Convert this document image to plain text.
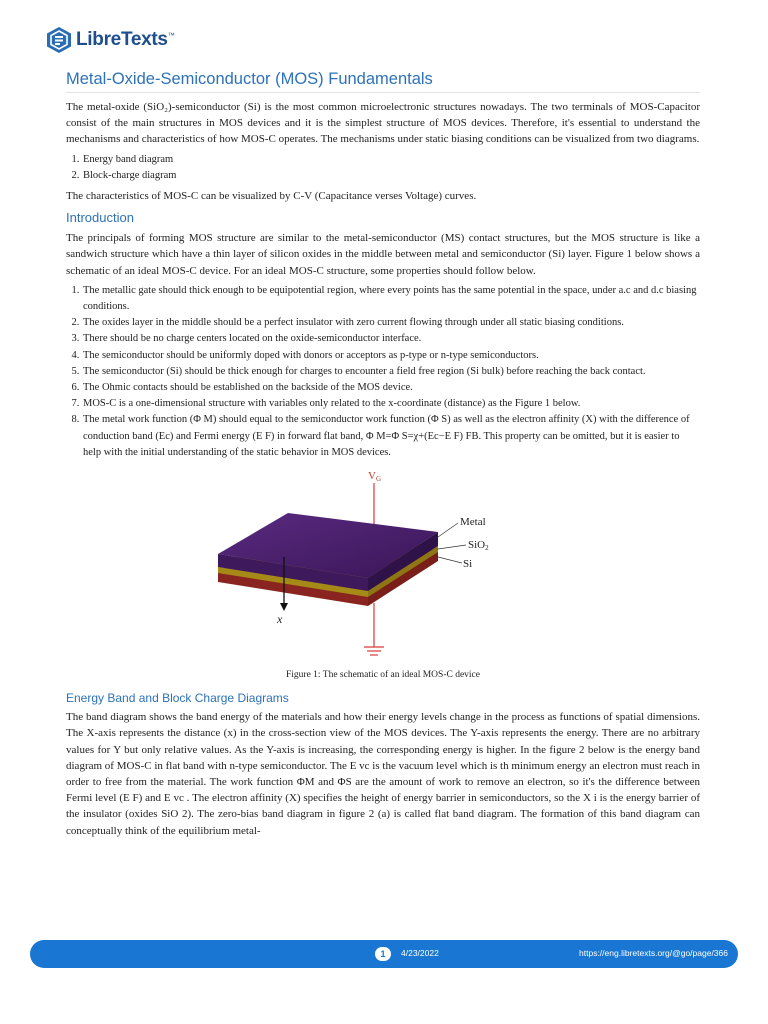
LibreTexts™
Metal-Oxide-Semiconductor (MOS) Fundamentals

The metal-oxide (SiO₂)-semiconductor (Si) is the most common microelectronic structures nowadays. The two terminals of MOS-Capacitor consist of the main structures in MOS devices and it is the simplest structure of MOS devices. Therefore, it's essential to understand the mechanisms and characteristics of how MOS-C operates. The mechanisms under static biasing conditions can be visualized from two diagrams.

1. Energy band diagram
2. Block-charge diagram

The characteristics of MOS-C can be visualized by C-V (Capacitance verses Voltage) curves.

Introduction

The principals of forming MOS structure are similar to the metal-semiconductor (MS) contact structures, but the MOS structure is like a sandwich structure which have a thin layer of silicon oxides in the middle between metal and semiconductor (Si) layer. Figure 1 below shows a schematic of an ideal MOS-C device. For an ideal MOS-C structure, some properties should follow below.

1. The metallic gate should thick enough to be equipotential region, where every points has the same potential in the space, under a.c and d.c biasing conditions.
2. The oxides layer in the middle should be a perfect insulator with zero current flowing through under all static biasing conditions.
3. There should be no charge centers located on the oxide-semiconductor interface.
4. The semiconductor should be uniformly doped with donors or acceptors as p-type or n-type semiconductors.
5. The semiconductor (Si) should be thick enough for charges to encounter a field free region (Si bulk) before reaching the back contact.
6. The Ohmic contacts should be established on the backside of the MOS device.
7. MOS-C is a one-dimensional structure with variables only related to the x-coordinate (distance) as the Figure 1 below.
8. The metal work function (Φ M) should equal to the semiconductor work function (Φ S) as well as the electron affinity (Χ) with the difference of conduction band (Ec) and Fermi energy (E F) in forward flat band, Φ M=Φ S=χ+(Ec−E F) FB. This property can be omitted, but it is easier to help with the initial understanding of the static behavior in MOS devices.
VG
Metal
SiO2
Si
x

Figure 1: The schematic of an ideal MOS-C device

Energy Band and Block Charge Diagrams

The band diagram shows the band energy of the materials and how their energy levels change in the process as functions of spatial dimensions. The X-axis represents the distance (x) in the cross-section view of the MOS devices. The Y-axis represents the energy. There are no arbitrary values for Y but only relative values. As the Y-axis is increasing, the corresponding energy is higher. In the figure 2 below is the energy band diagram of MOS-C in flat band with n-type semiconductor. The E vc is the vacuum level which is th minimum energy an electron must reach in order to free from the material. The work function ΦM and ΦS are the amount of work to remove an electron, so it's the difference between Fermi level (E F) and E vc . The electron affinity (Χ) specifies the height of energy barrier in semiconductors, so the Χ i is the energy barrier of the insulator (oxides SiO 2). The zero-bias band diagram in figure 2 (a) is called flat band diagram. The formation of this band diagram can conceptually think of the equilibrium metal-

1	4/23/2022	https://eng.libretexts.org/@go/page/366
